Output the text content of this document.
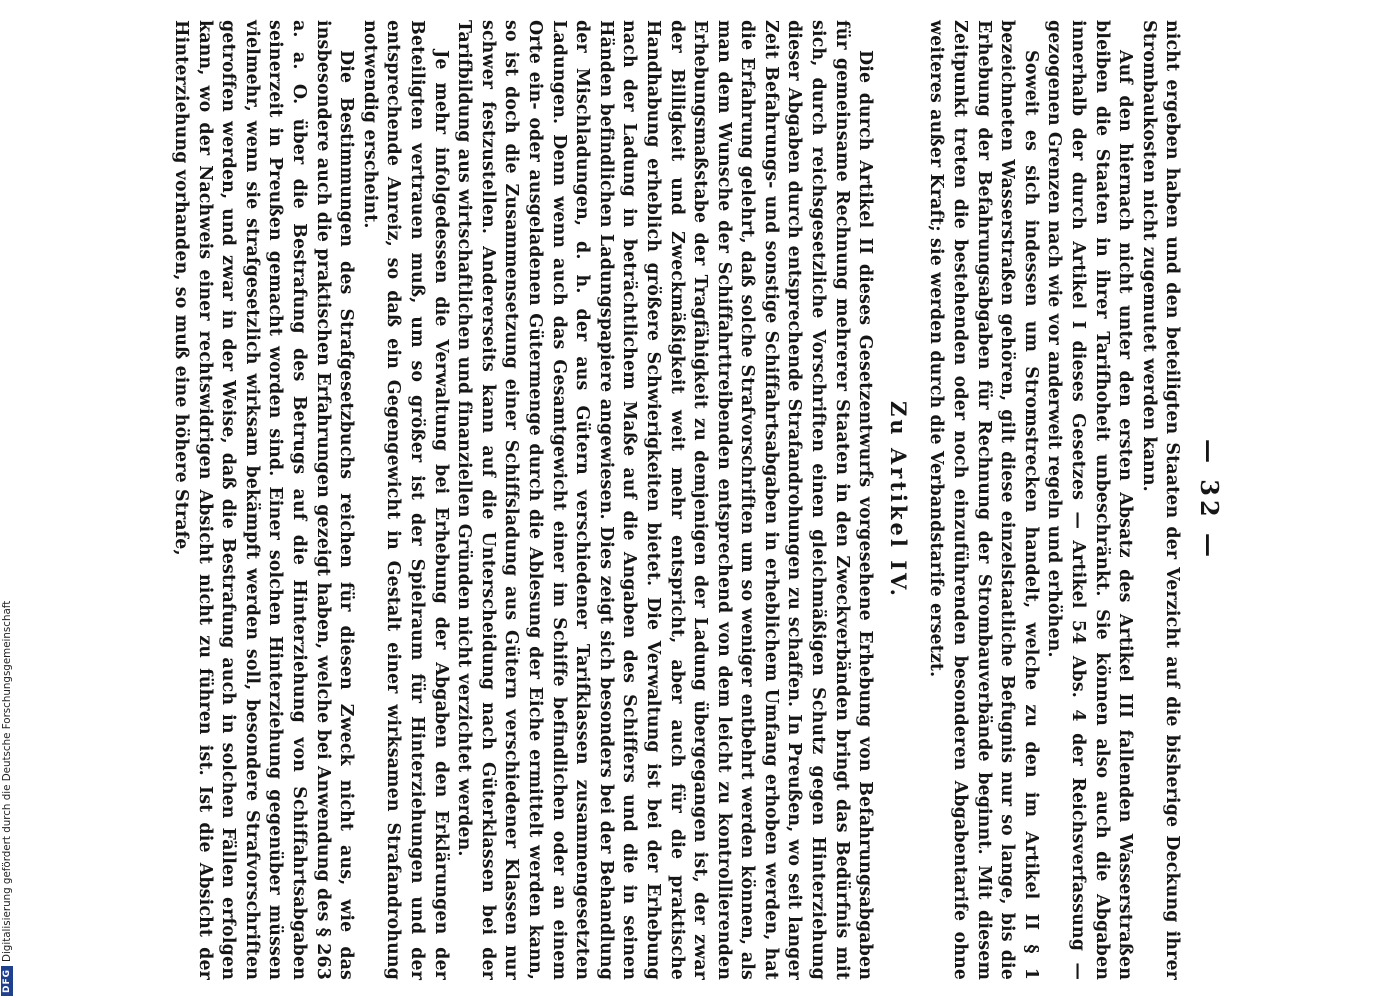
— 32 —

nicht ergeben haben und den beteiligten Staaten der Verzicht auf die bisherige Deckung ihrer Strombaukosten nicht zugemutet werden kann.

Auf den hiernach nicht unter den ersten Absatz des Artikel III fallenden Wasserstraßen bleiben die Staaten in ihrer Tarifhoheit unbeschränkt. Sie können also auch die Abgaben innerhalb der durch Artikel I dieses Gesetzes — Artikel 54 Abs. 4 der Reichsverfassung — gezogenen Grenzen nach wie vor anderweit regeln und erhöhen.

Soweit es sich indessen um Stromstrecken handelt, welche zu den im Artikel II § 1 bezeichneten Wasserstraßen gehören, gilt diese einzelstaatliche Befugnis nur so lange, bis die Erhebung der Befahrungsabgaben für Rechnung der Strombauverbände beginnt. Mit diesem Zeitpunkt treten die bestehenden oder noch einzuführenden besonderen Abgabentarife ohne weiteres außer Kraft; sie werden durch die Verbandstarife ersetzt.

Zu Artikel IV.

Die durch Artikel II dieses Gesetzentwurfs vorgesehene Erhebung von Befahrungsabgaben für gemeinsame Rechnung mehrerer Staaten in den Zweckverbänden bringt das Bedürfnis mit sich, durch reichsgesetzliche Vorschriften einen gleichmäßigen Schutz gegen Hinterziehung dieser Abgaben durch entsprechende Strafandrohungen zu schaffen. In Preußen, wo seit langer Zeit Befahrungs- und sonstige Schiffahrtsabgaben in erheblichem Umfang erhoben werden, hat die Erfahrung gelehrt, daß solche Strafvorschriften um so weniger entbehrt werden können, als man dem Wunsche der Schiffahrttreibenden entsprechend von dem leicht zu kontrollierenden Erhebungsmaßstabe der Tragfähigkeit zu demjenigen der Ladung übergegangen ist, der zwar der Billigkeit und Zweckmäßigkeit weit mehr entspricht, aber auch für die praktische Handhabung erheblich größere Schwierigkeiten bietet. Die Verwaltung ist bei der Erhebung nach der Ladung in beträchtlichem Maße auf die Angaben des Schiffers und die in seinen Händen befindlichen Ladungspapiere angewiesen. Dies zeigt sich besonders bei der Behandlung der Mischladungen, d. h. der aus Gütern verschiedener Tarifklassen zusammengesetzten Ladungen. Denn wenn auch das Gesamtgewicht einer im Schiffe befindlichen oder an einem Orte ein- oder ausgeladenen Gütermenge durch die Ablesung der Eiche ermittelt werden kann, so ist doch die Zusammensetzung einer Schiffsladung aus Gütern verschiedener Klassen nur schwer festzustellen. Andererseits kann auf die Unterscheidung nach Güterklassen bei der Tarifbildung aus wirtschaftlichen und finanziellen Gründen nicht verzichtet werden.

Je mehr infolgedessen die Verwaltung bei Erhebung der Abgaben den Erklärungen der Beteiligten vertrauen muß, um so größer ist der Spielraum für Hinterziehungen und der entsprechende Anreiz, so daß ein Gegengewicht in Gestalt einer wirksamen Strafandrohung notwendig erscheint.

Die Bestimmungen des Strafgesetzbuchs reichen für diesen Zweck nicht aus, wie das insbesondere auch die praktischen Erfahrungen gezeigt haben, welche bei Anwendung des § 263 a. a. O. über die Bestrafung des Betrugs auf die Hinterziehung von Schiffahrtsabgaben seinerzeit in Preußen gemacht worden sind. Einer solchen Hinterziehung gegenüber müssen vielmehr, wenn sie strafgesetzlich wirksam bekämpft werden soll, besondere Strafvorschriften getroffen werden, und zwar in der Weise, daß die Bestrafung auch in solchen Fällen erfolgen kann, wo der Nachweis einer rechtswidrigen Absicht nicht zu führen ist. Ist die Absicht der Hinterziehung vorhanden, so muß eine höhere Strafe,

DFG
Digitalisierung gefördert durch die Deutsche Forschungsgemeinschaft
